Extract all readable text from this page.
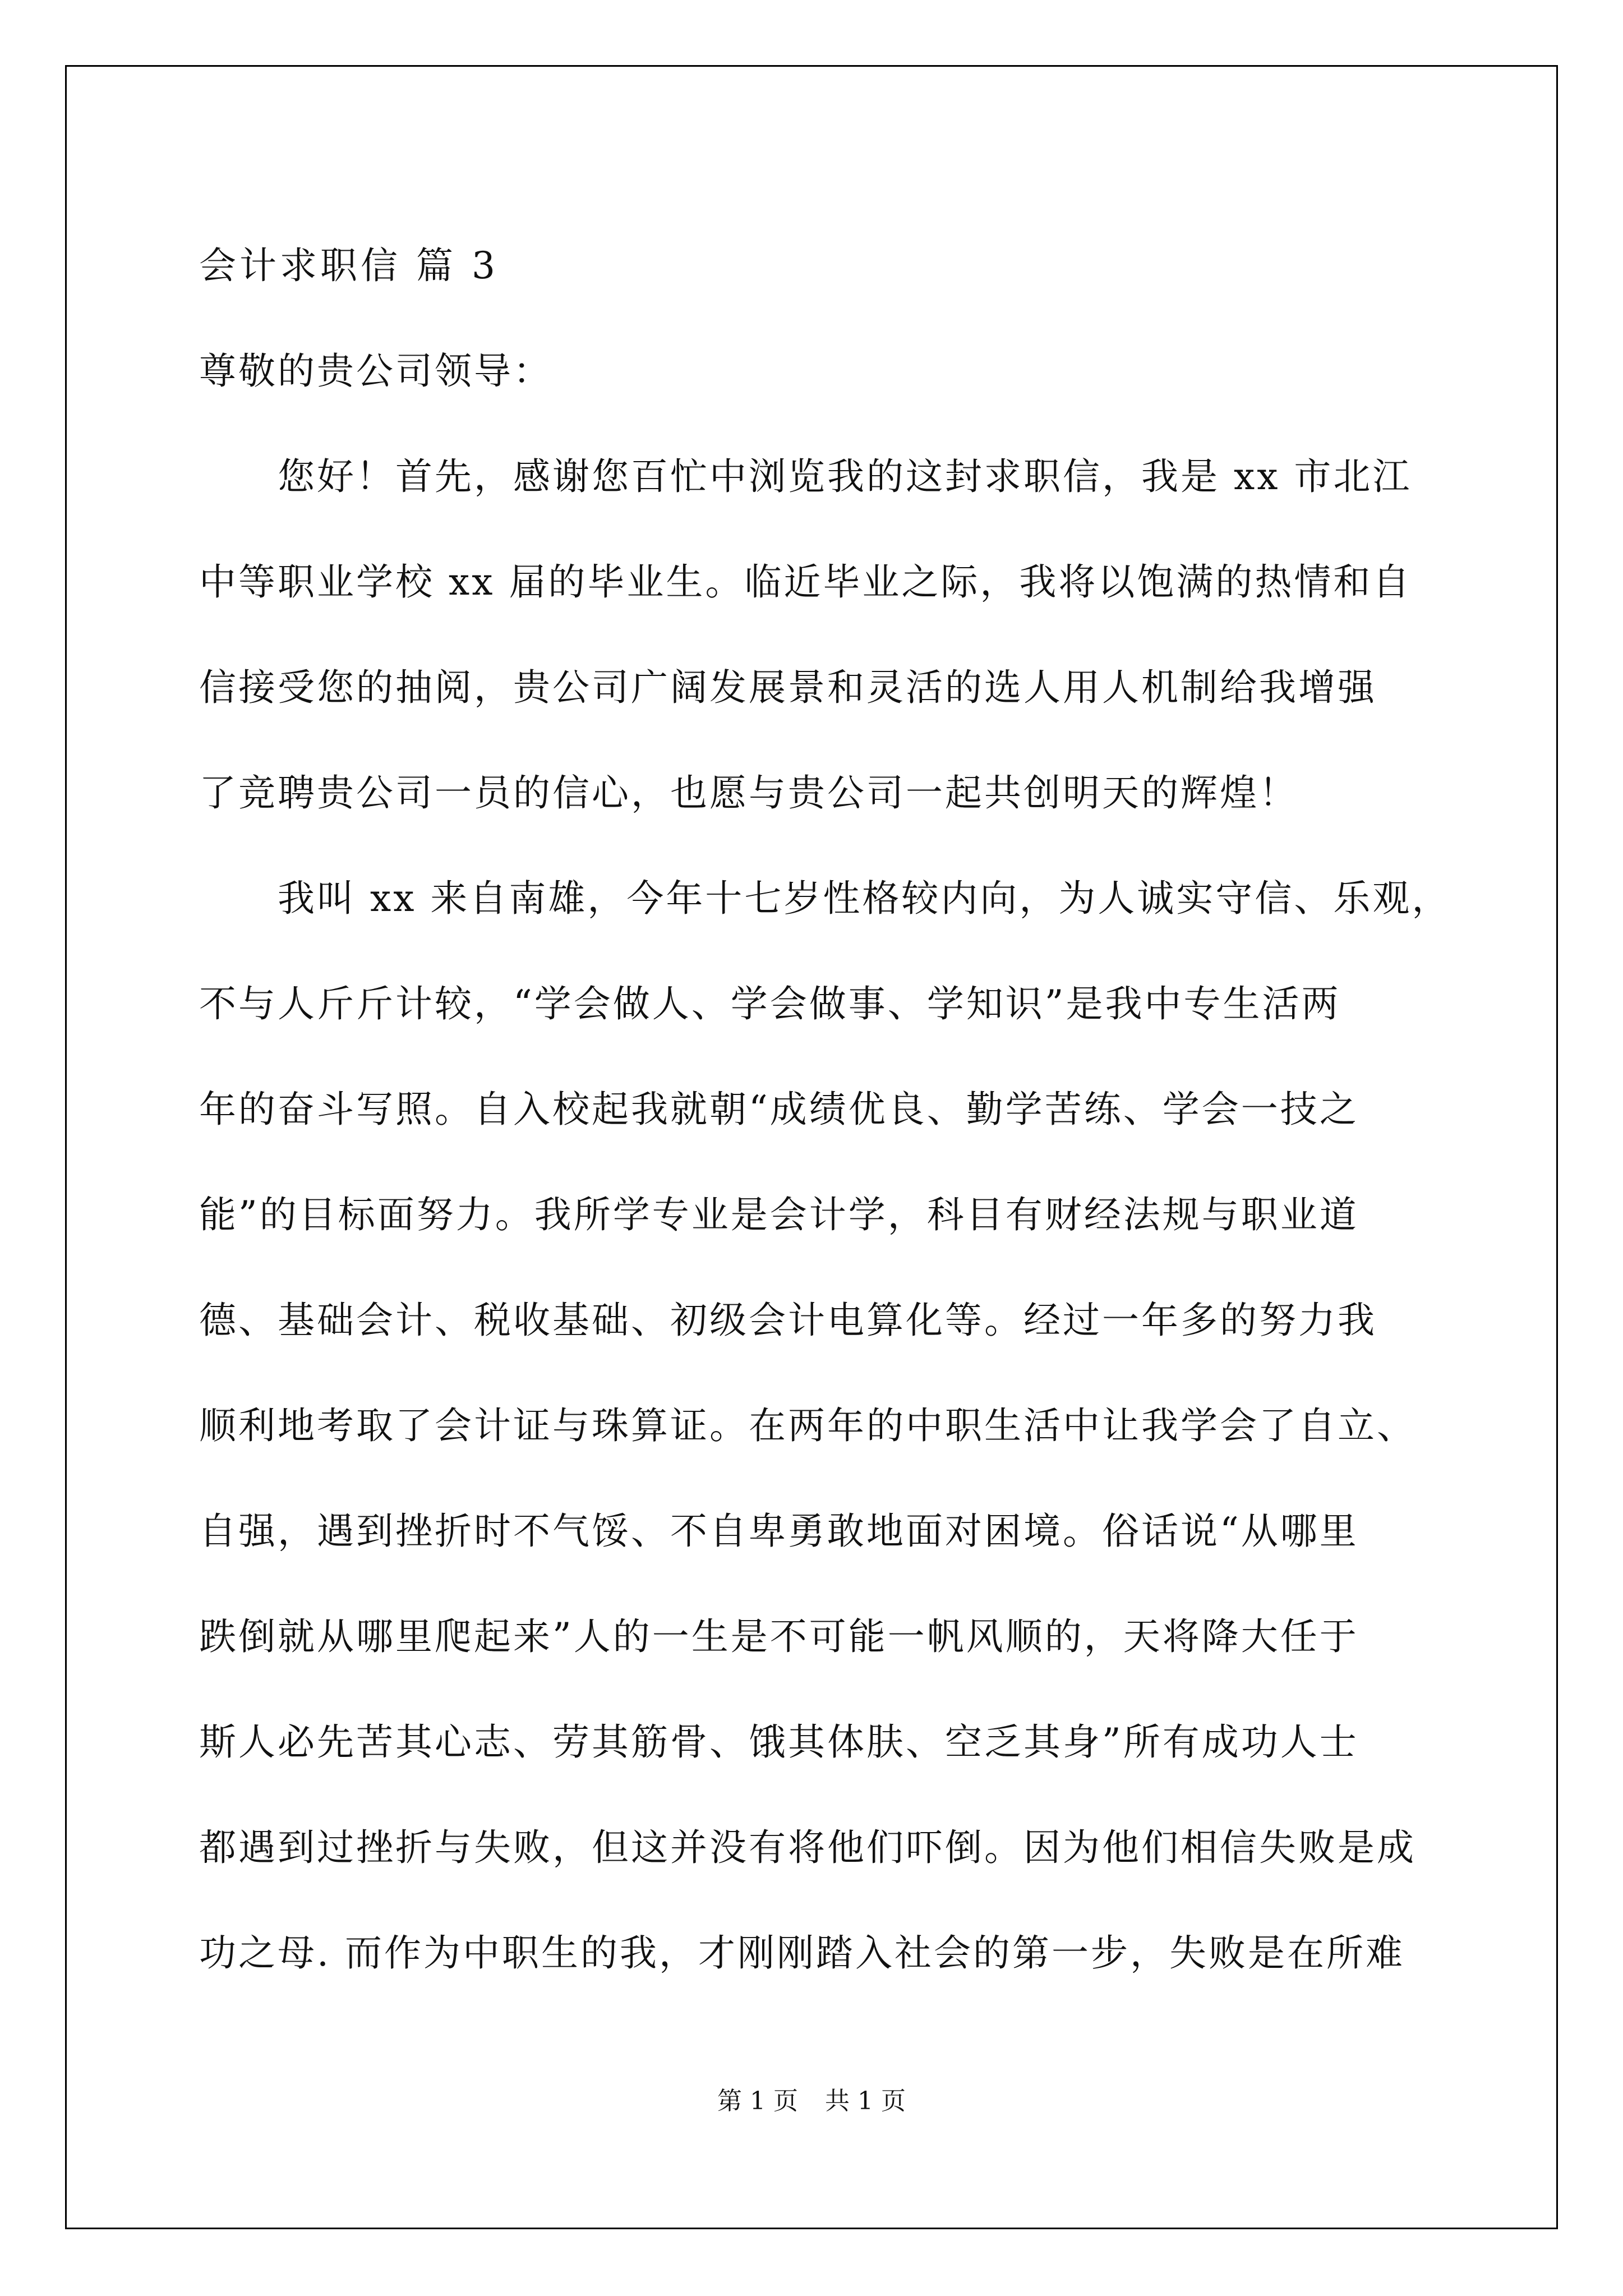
会计求职信 篇 3
尊敬的贵公司领导：
　　您好！首先，感谢您百忙中浏览我的这封求职信，我是 xx 市北江
中等职业学校 xx 届的毕业生。临近毕业之际，我将以饱满的热情和自
信接受您的抽阅，贵公司广阔发展景和灵活的选人用人机制给我增强
了竞聘贵公司一员的信心，也愿与贵公司一起共创明天的辉煌！
　　我叫 xx 来自南雄，今年十七岁性格较内向，为人诚实守信、乐观，
不与人斤斤计较，“学会做人、学会做事、学知识”是我中专生活两
年的奋斗写照。自入校起我就朝“成绩优良、勤学苦练、学会一技之
能”的目标面努力。我所学专业是会计学，科目有财经法规与职业道
德、基础会计、税收基础、初级会计电算化等。经过一年多的努力我
顺利地考取了会计证与珠算证。在两年的中职生活中让我学会了自立、
自强，遇到挫折时不气馁、不自卑勇敢地面对困境。俗话说“从哪里
跌倒就从哪里爬起来”人的一生是不可能一帆风顺的，天将降大任于
斯人必先苦其心志、劳其筋骨、饿其体肤、空乏其身”所有成功人士
都遇到过挫折与失败，但这并没有将他们吓倒。因为他们相信失败是成
功之母. 而作为中职生的我，才刚刚踏入社会的第一步，失败是在所难
第 1 页 共 1 页
